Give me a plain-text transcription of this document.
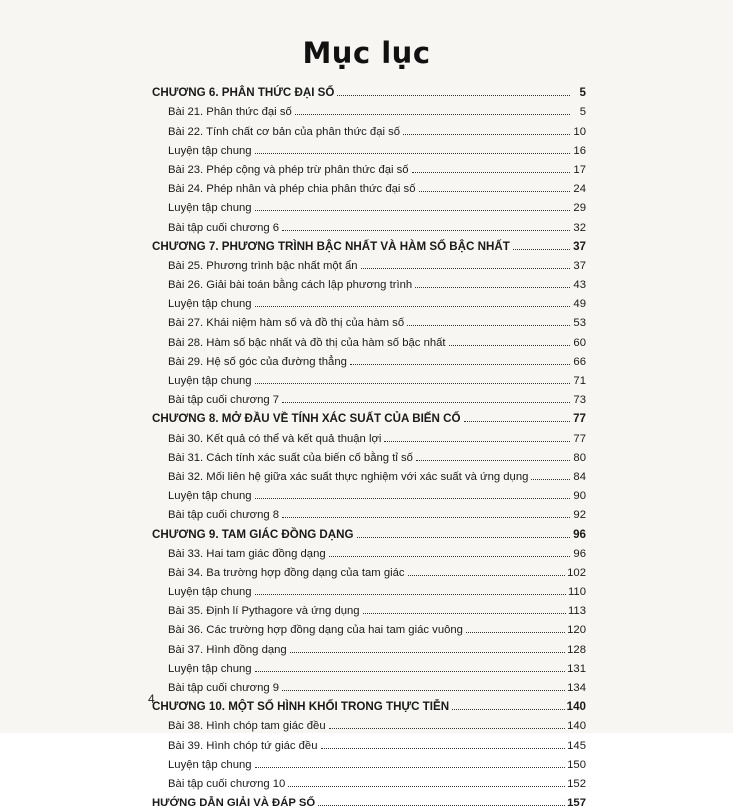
Mục lục
CHƯƠNG 6. PHÂN THỨC ĐẠI SỐ	5
Bài 21. Phân thức đại số	5
Bài 22. Tính chất cơ bản của phân thức đại số	10
Luyện tập chung	16
Bài 23. Phép cộng và phép trừ phân thức đại số	17
Bài 24. Phép nhân và phép chia phân thức đại số	24
Luyện tập chung	29
Bài tập cuối chương 6	32
CHƯƠNG 7. PHƯƠNG TRÌNH BẬC NHẤT VÀ HÀM SỐ BẬC NHẤT	37
Bài 25. Phương trình bậc nhất một ẩn	37
Bài 26. Giải bài toán bằng cách lập phương trình	43
Luyện tập chung	49
Bài 27. Khái niệm hàm số và đồ thị của hàm số	53
Bài 28. Hàm số bậc nhất và đồ thị của hàm số bậc nhất	60
Bài 29. Hệ số góc của đường thẳng	66
Luyện tập chung	71
Bài tập cuối chương 7	73
CHƯƠNG 8. MỞ ĐẦU VỀ TÍNH XÁC SUẤT CỦA BIẾN CỐ	77
Bài 30. Kết quả có thể và kết quả thuận lợi	77
Bài 31. Cách tính xác suất của biến cố bằng tỉ số	80
Bài 32. Mối liên hệ giữa xác suất thực nghiệm với xác suất và ứng dụng	84
Luyện tập chung	90
Bài tập cuối chương 8	92
CHƯƠNG 9. TAM GIÁC ĐỒNG DẠNG	96
Bài 33. Hai tam giác đồng dạng	96
Bài 34. Ba trường hợp đồng dạng của tam giác	102
Luyện tập chung	110
Bài 35. Định lí Pythagore và ứng dụng	113
Bài 36. Các trường hợp đồng dạng của hai tam giác vuông	120
Bài 37. Hình đồng dạng	128
Luyện tập chung	131
Bài tập cuối chương 9	134
CHƯƠNG 10. MỘT SỐ HÌNH KHỐI TRONG THỰC TIỄN	140
Bài 38. Hình chóp tam giác đều	140
Bài 39. Hình chóp tứ giác đều	145
Luyện tập chung	150
Bài tập cuối chương 10	152
HƯỚNG DẪN GIẢI VÀ ĐÁP SỐ	157
4
